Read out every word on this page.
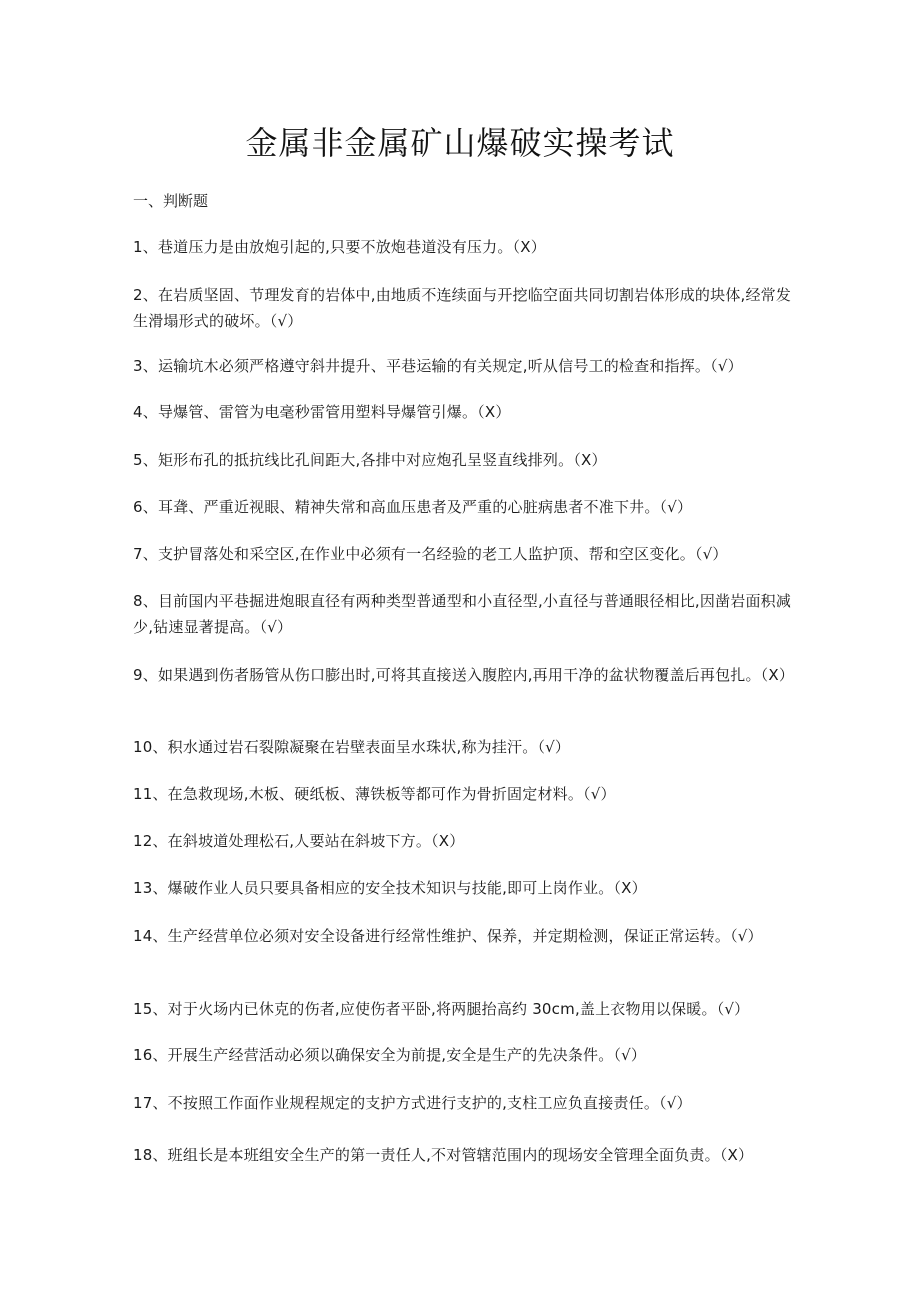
金属非金属矿山爆破实操考试
一、判断题
1、巷道压力是由放炮引起的,只要不放炮巷道没有压力。（X）
2、在岩质坚固、节理发育的岩体中,由地质不连续面与开挖临空面共同切割岩体形成的块体,经常发生滑塌形式的破坏。（√）
3、运输坑木必须严格遵守斜井提升、平巷运输的有关规定,听从信号工的检查和指挥。（√）
4、导爆管、雷管为电毫秒雷管用塑料导爆管引爆。（X）
5、矩形布孔的抵抗线比孔间距大,各排中对应炮孔呈竖直线排列。（X）
6、耳聋、严重近视眼、精神失常和高血压患者及严重的心脏病患者不准下井。（√）
7、支护冒落处和采空区,在作业中必须有一名经验的老工人监护顶、帮和空区变化。（√）
8、目前国内平巷掘进炮眼直径有两种类型普通型和小直径型,小直径与普通眼径相比,因凿岩面积减少,钻速显著提高。（√）
9、如果遇到伤者肠管从伤口膨出时,可将其直接送入腹腔内,再用干净的盆状物覆盖后再包扎。（X）
10、积水通过岩石裂隙凝聚在岩壁表面呈水珠状,称为挂汗。（√）
11、在急救现场,木板、硬纸板、薄铁板等都可作为骨折固定材料。（√）
12、在斜坡道处理松石,人要站在斜坡下方。（X）
13、爆破作业人员只要具备相应的安全技术知识与技能,即可上岗作业。（X）
14、生产经营单位必须对安全设备进行经常性维护、保养，并定期检测，保证正常运转。（√）
15、对于火场内已休克的伤者,应使伤者平卧,将两腿抬高约 30cm,盖上衣物用以保暖。（√）
16、开展生产经营活动必须以确保安全为前提,安全是生产的先决条件。（√）
17、不按照工作面作业规程规定的支护方式进行支护的,支柱工应负直接责任。（√）
18、班组长是本班组安全生产的第一责任人,不对管辖范围内的现场安全管理全面负责。（X）
